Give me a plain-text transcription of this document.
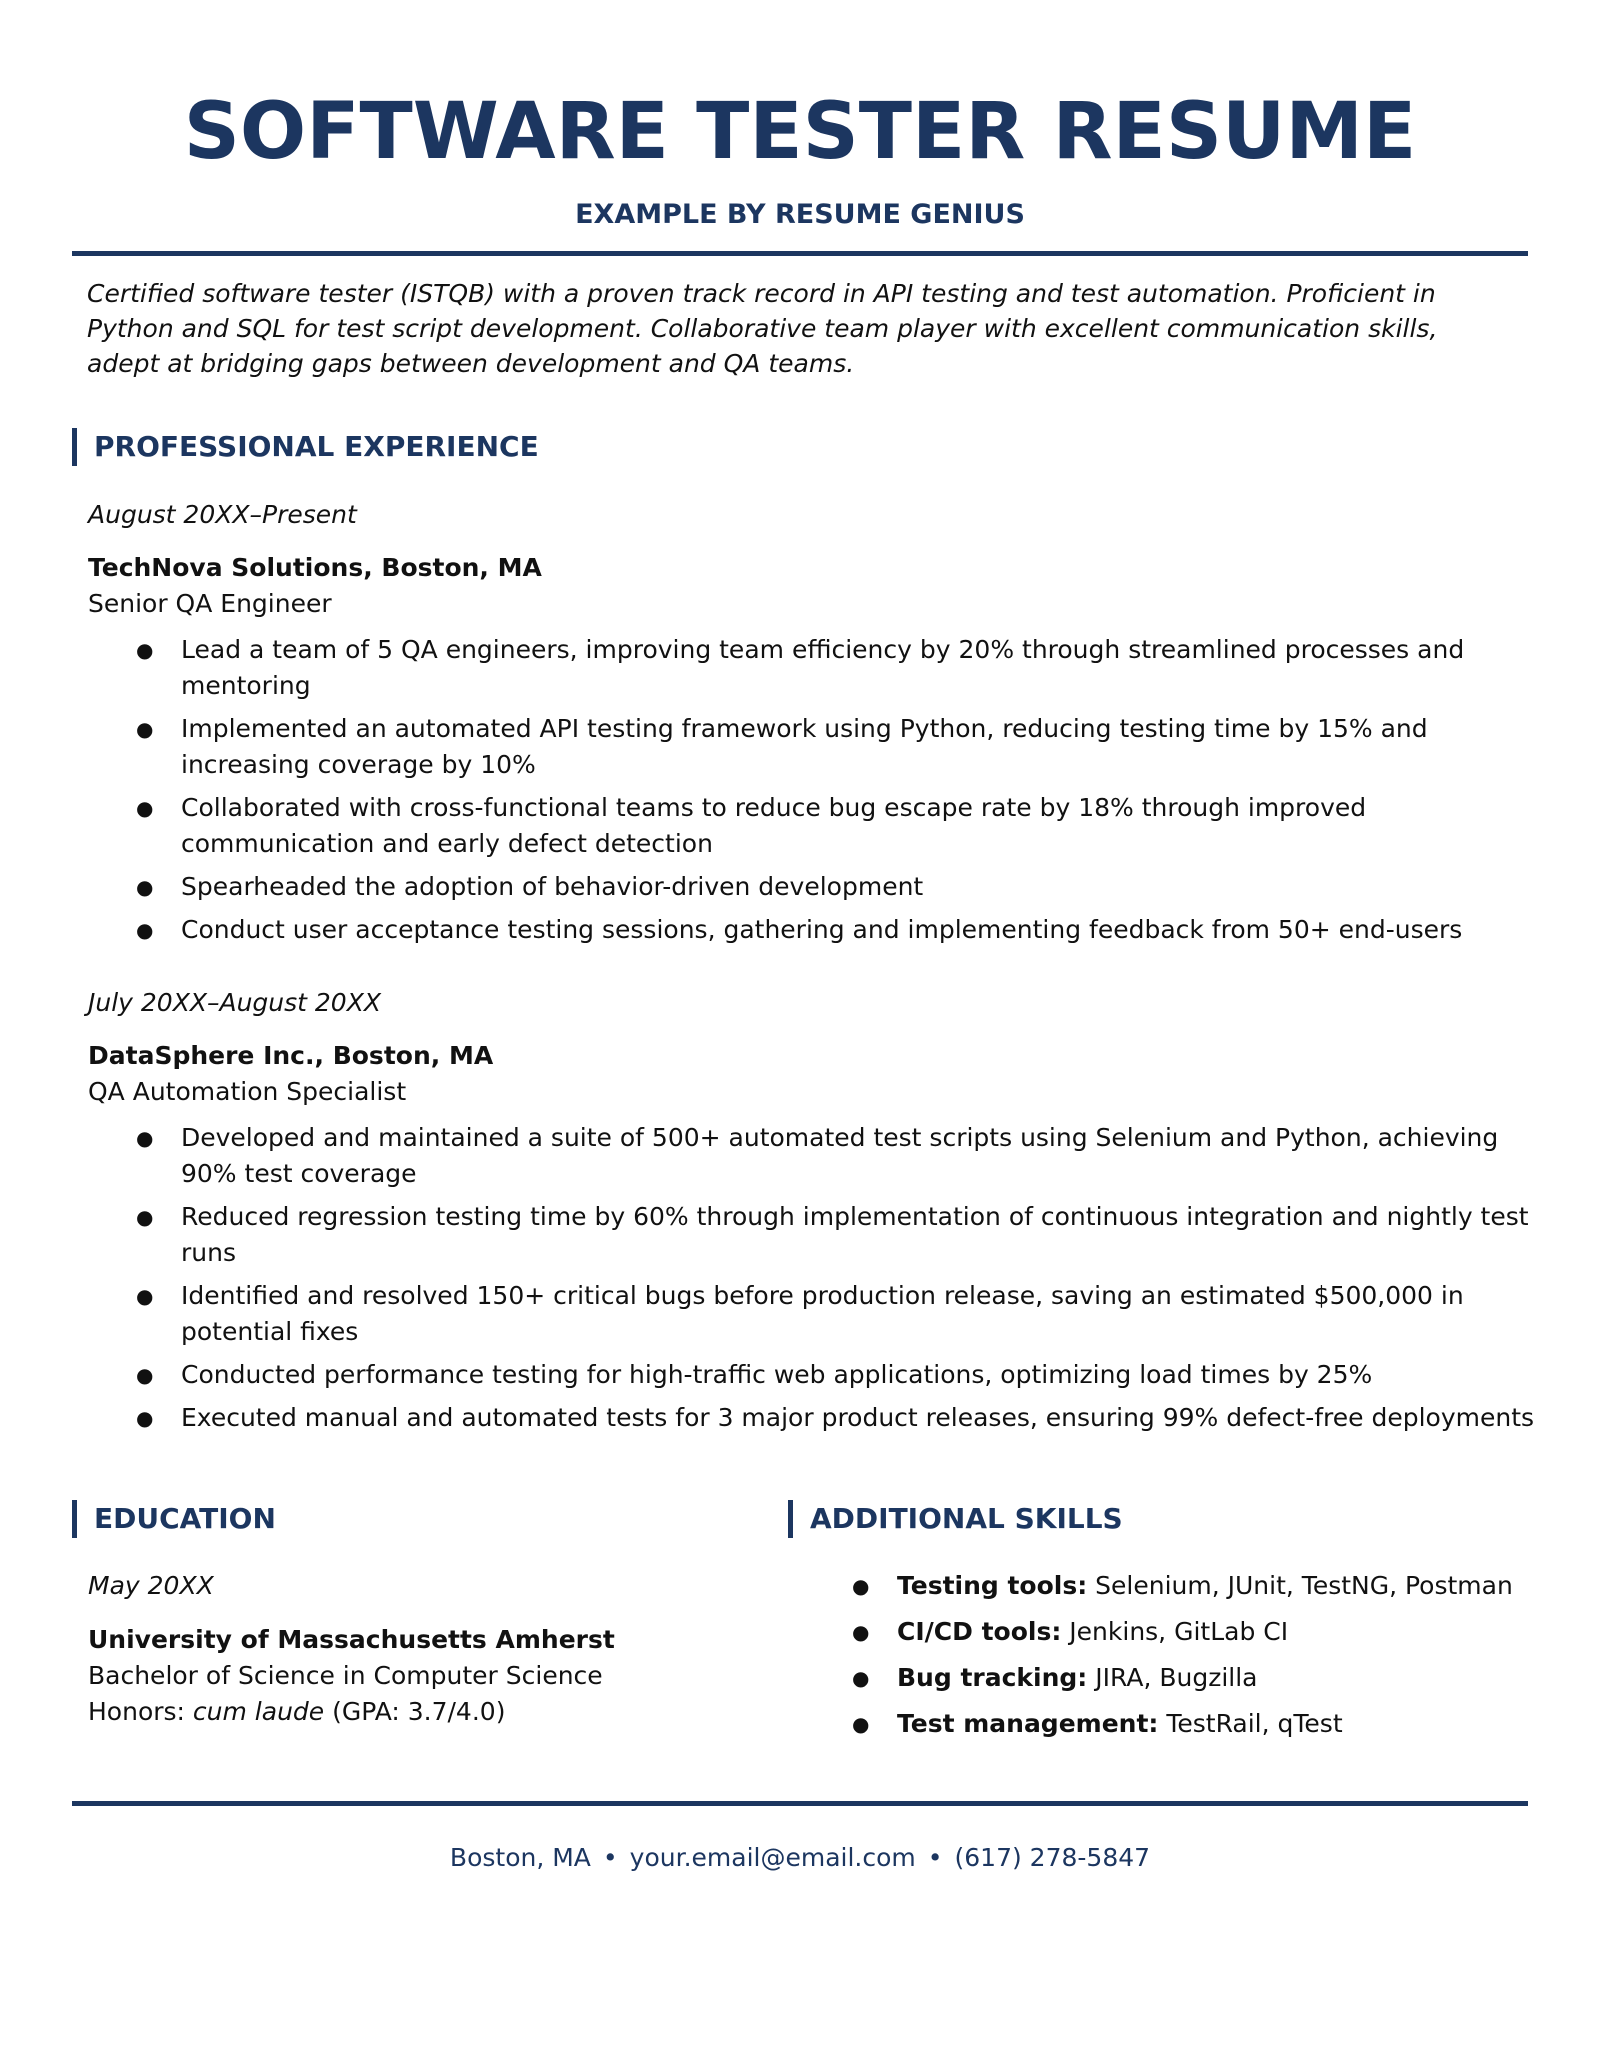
SOFTWARE TESTER RESUME
EXAMPLE BY RESUME GENIUS
Certified software tester (ISTQB) with a proven track record in API testing and test automation. Proficient in Python and SQL for test script development. Collaborative team player with excellent communication skills, adept at bridging gaps between development and QA teams.
PROFESSIONAL EXPERIENCE
August 20XX–Present
TechNova Solutions, Boston, MA
Senior QA Engineer
● Lead a team of 5 QA engineers, improving team efficiency by 20% through streamlined processes and mentoring
● Implemented an automated API testing framework using Python, reducing testing time by 15% and increasing coverage by 10%
● Collaborated with cross-functional teams to reduce bug escape rate by 18% through improved communication and early defect detection
● Spearheaded the adoption of behavior-driven development
● Conduct user acceptance testing sessions, gathering and implementing feedback from 50+ end-users
July 20XX–August 20XX
DataSphere Inc., Boston, MA
QA Automation Specialist
● Developed and maintained a suite of 500+ automated test scripts using Selenium and Python, achieving 90% test coverage
● Reduced regression testing time by 60% through implementation of continuous integration and nightly test runs
● Identified and resolved 150+ critical bugs before production release, saving an estimated $500,000 in potential fixes
● Conducted performance testing for high-traffic web applications, optimizing load times by 25%
● Executed manual and automated tests for 3 major product releases, ensuring 99% defect-free deployments
EDUCATION
May 20XX
University of Massachusetts Amherst
Bachelor of Science in Computer Science
Honors: cum laude (GPA: 3.7/4.0)
ADDITIONAL SKILLS
● Testing tools: Selenium, JUnit, TestNG, Postman
● CI/CD tools: Jenkins, GitLab CI
● Bug tracking: JIRA, Bugzilla
● Test management: TestRail, qTest
Boston, MA • your.email@email.com • (617) 278-5847
